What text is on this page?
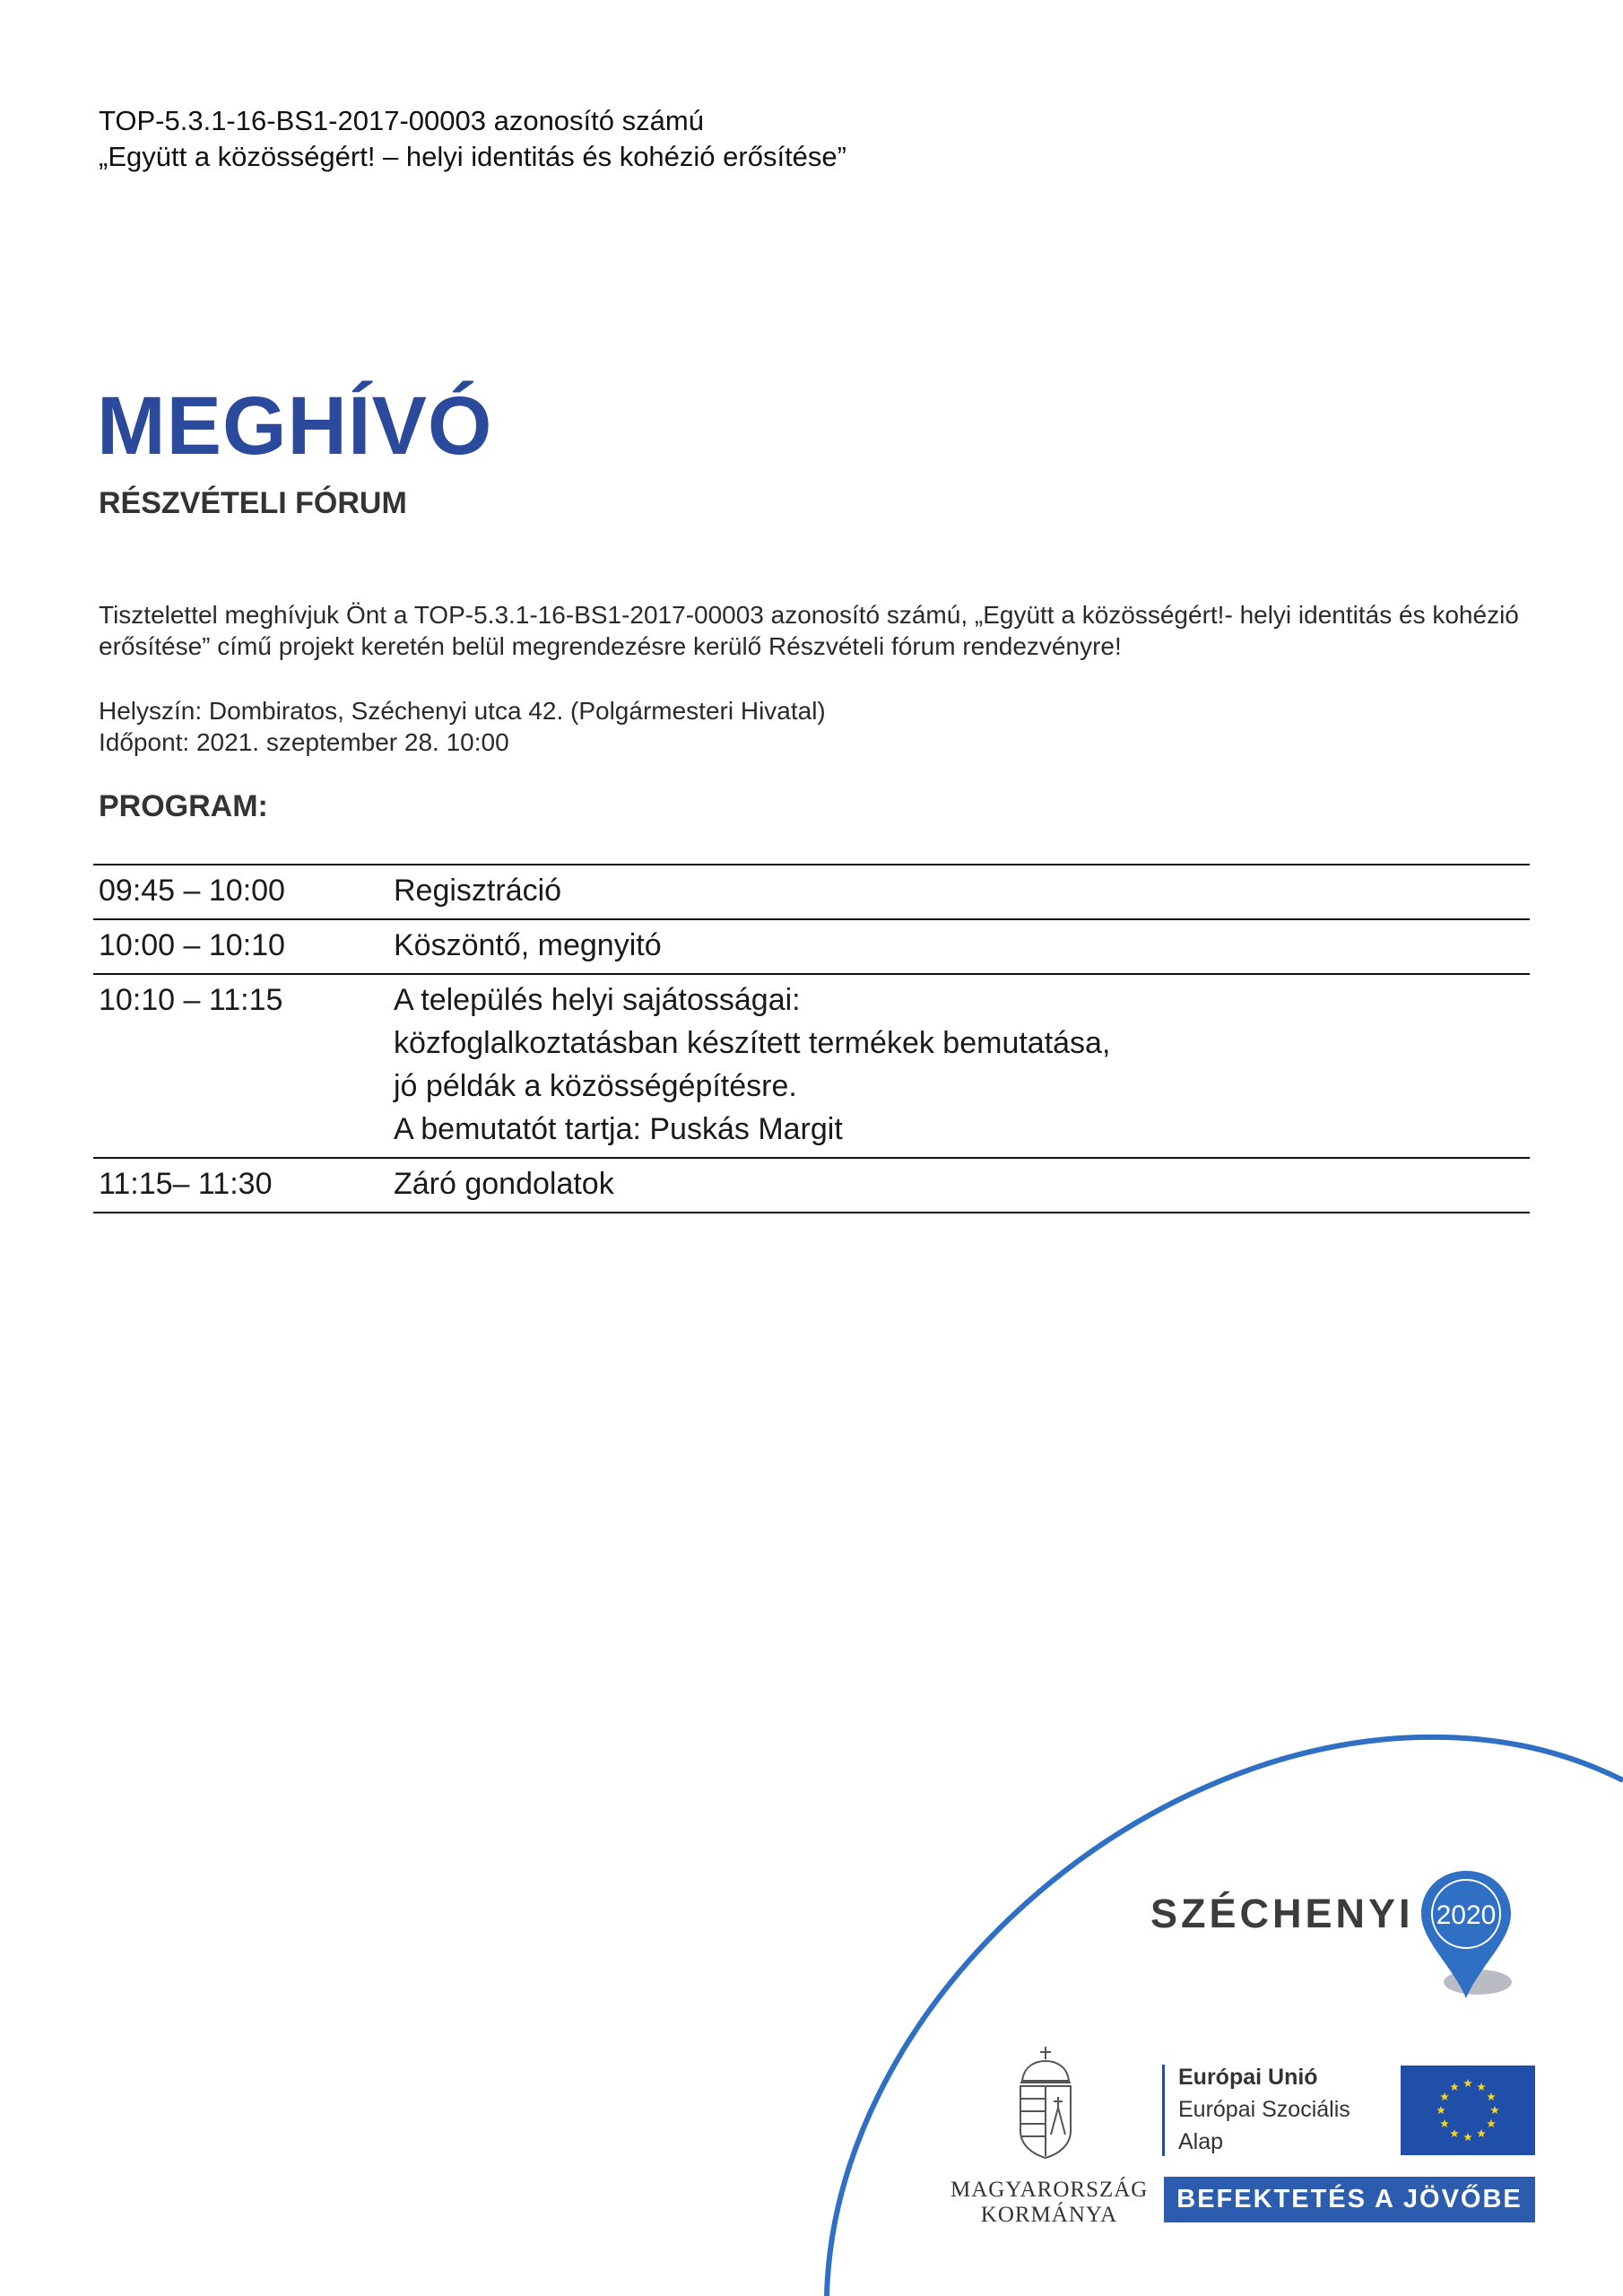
TOP-5.3.1-16-BS1-2017-00003 azonosító számú
„Együtt a közösségért! – helyi identitás és kohézió erősítése”
MEGHÍVÓ
RÉSZVÉTELI FÓRUM
Tisztelettel meghívjuk Önt a TOP-5.3.1-16-BS1-2017-00003 azonosító számú, „Együtt a közösségért!- helyi identitás és kohézió erősítése” című projekt keretén belül megrendezésre kerülő Részvételi fórum rendezvényre!
Helyszín: Dombiratos, Széchenyi utca 42. (Polgármesteri Hivatal)
Időpont: 2021. szeptember 28. 10:00
PROGRAM:
09:45 – 10:00	Regisztráció
10:00 – 10:10	Köszöntő, megnyitó
10:10 – 11:15	A település helyi sajátosságai:
közfoglalkoztatásban készített termékek bemutatása,
jó példák a közösségépítésre.
A bemutatót tartja: Puskás Margit
11:15– 11:30	Záró gondolatok
SZÉCHENYI 2020
MAGYARORSZÁG
KORMÁNYA
Európai Unió
Európai Szociális
Alap
BEFEKTETÉS A JÖVŐBE
